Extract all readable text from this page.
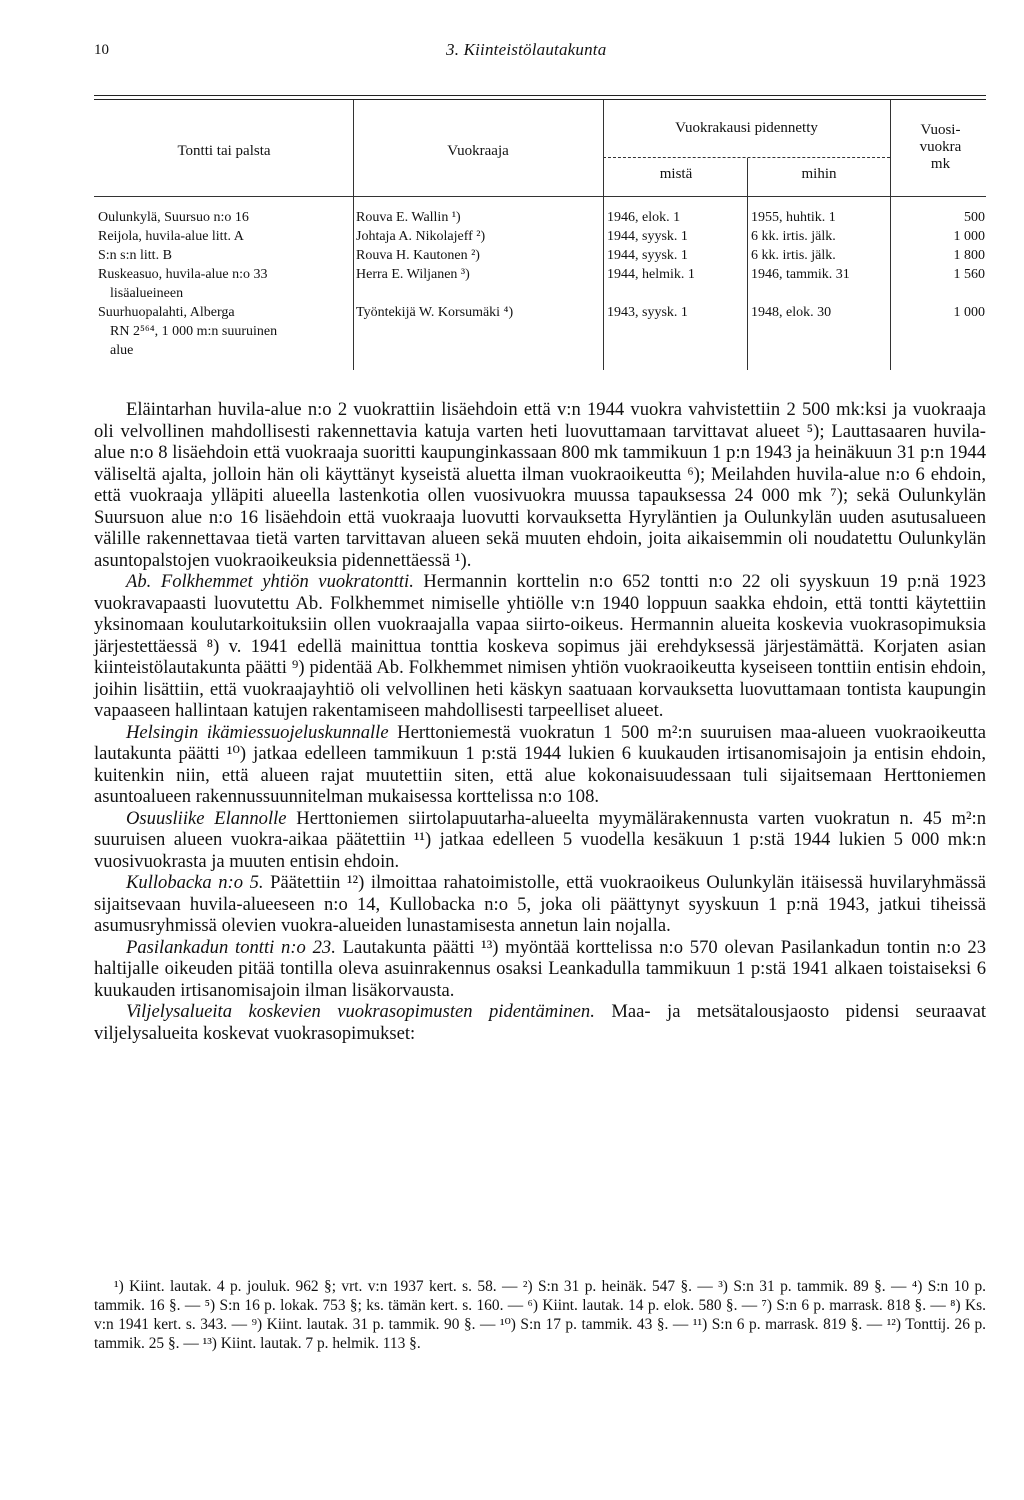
10	3. Kiinteistölautakunta
Tontti tai palsta	Vuokraaja
Vuokrakausi pidennetty
mistä	mihin
Vuosi-
vuokra
mk
Oulunkylä, Suursuo n:o 16	Rouva E. Wallin ¹)	1946, elok. 1	1955, huhtik. 1	500
Reijola, huvila-alue litt. A	Johtaja A. Nikolajeff ²)	1944, syysk. 1	6 kk. irtis. jälk.	1 000
S:n s:n litt. B	Rouva H. Kautonen ²)	1944, syysk. 1	6 kk. irtis. jälk.	1 800
Ruskeasuo, huvila-alue n:o 33
lisäalueineen
Herra E. Wiljanen ³)	1944, helmik. 1	1946, tammik. 31	1 560
Suurhuopalahti, Alberga
RN 2⁵⁶⁴, 1 000 m:n suuruinen
alue
Työntekijä W. Korsumäki ⁴)	1943, syysk. 1	1948, elok. 30	1 000

Eläintarhan huvila-alue n:o 2 vuokrattiin lisäehdoin että v:n 1944 vuokra vahvistettiin 2 500 mk:ksi ja vuokraaja oli velvollinen mahdollisesti rakennettavia katuja varten heti luovuttamaan tarvittavat alueet ⁵); Lauttasaaren huvila-alue n:o 8 lisäehdoin että vuokraaja suoritti kaupunginkassaan 800 mk tammikuun 1 p:n 1943 ja heinäkuun 31 p:n 1944 väliseltä ajalta, jolloin hän oli käyttänyt kyseistä aluetta ilman vuokraoikeutta ⁶); Meilahden huvila-alue n:o 6 ehdoin, että vuokraaja ylläpiti alueella lastenkotia ollen vuosivuokra muussa tapauksessa 24 000 mk ⁷); sekä Oulunkylän Suursuon alue n:o 16 lisäehdoin että vuokraaja luovutti korvauksetta Hyryläntien ja Oulunkylän uuden asutusalueen välille rakennettavaa tietä varten tarvittavan alueen sekä muuten ehdoin, joita aikaisemmin oli noudatettu Oulunkylän asuntopalstojen vuokraoikeuksia pidennettäessä ¹).

Ab. Folkhemmet yhtiön vuokratontti. Hermannin korttelin n:o 652 tontti n:o 22 oli syyskuun 19 p:nä 1923 vuokravapaasti luovutettu Ab. Folkhemmet nimiselle yhtiölle v:n 1940 loppuun saakka ehdoin, että tontti käytettiin yksinomaan koulutarkoituksiin ollen vuokraajalla vapaa siirto-oikeus. Hermannin alueita koskevia vuokrasopimuksia järjestettäessä ⁸) v. 1941 edellä mainittua tonttia koskeva sopimus jäi erehdyksessä järjestämättä. Korjaten asian kiinteistölautakunta päätti ⁹) pidentää Ab. Folkhemmet nimisen yhtiön vuokraoikeutta kyseiseen tonttiin entisin ehdoin, joihin lisättiin, että vuokraajayhtiö oli velvollinen heti käskyn saatuaan korvauksetta luovuttamaan tontista kaupungin vapaaseen hallintaan katujen rakentamiseen mahdollisesti tarpeelliset alueet.

Helsingin ikämiessuojeluskunnalle Herttoniemestä vuokratun 1 500 m²:n suuruisen maa-alueen vuokraoikeutta lautakunta päätti ¹⁰) jatkaa edelleen tammikuun 1 p:stä 1944 lukien 6 kuukauden irtisanomisajoin ja entisin ehdoin, kuitenkin niin, että alueen rajat muutettiin siten, että alue kokonaisuudessaan tuli sijaitsemaan Herttoniemen asuntoalueen rakennussuunnitelman mukaisessa korttelissa n:o 108.

Osuusliike Elannolle Herttoniemen siirtolapuutarha-alueelta myymälärakennusta varten vuokratun n. 45 m²:n suuruisen alueen vuokra-aikaa päätettiin ¹¹) jatkaa edelleen 5 vuodella kesäkuun 1 p:stä 1944 lukien 5 000 mk:n vuosivuokrasta ja muuten entisin ehdoin.

Kullobacka n:o 5. Päätettiin ¹²) ilmoittaa rahatoimistolle, että vuokraoikeus Oulunkylän itäisessä huvilaryhmässä sijaitsevaan huvila-alueeseen n:o 14, Kullobacka n:o 5, joka oli päättynyt syyskuun 1 p:nä 1943, jatkui tiheissä asumusryhmissä olevien vuokra-alueiden lunastamisesta annetun lain nojalla.

Pasilankadun tontti n:o 23. Lautakunta päätti ¹³) myöntää korttelissa n:o 570 olevan Pasilankadun tontin n:o 23 haltijalle oikeuden pitää tontilla oleva asuinrakennus osaksi Leankadulla tammikuun 1 p:stä 1941 alkaen toistaiseksi 6 kuukauden irtisanomisajoin ilman lisäkorvausta.

Viljelysalueita koskevien vuokrasopimusten pidentäminen. Maa- ja metsätalousjaosto pidensi seuraavat viljelysalueita koskevat vuokrasopimukset:

¹) Kiint. lautak. 4 p. jouluk. 962 §; vrt. v:n 1937 kert. s. 58. — ²) S:n 31 p. heinäk. 547 §. — ³) S:n 31 p. tammik. 89 §. — ⁴) S:n 10 p. tammik. 16 §. — ⁵) S:n 16 p. lokak. 753 §; ks. tämän kert. s. 160. — ⁶) Kiint. lautak. 14 p. elok. 580 §. — ⁷) S:n 6 p. marrask. 818 §. — ⁸) Ks. v:n 1941 kert. s. 343. — ⁹) Kiint. lautak. 31 p. tammik. 90 §. — ¹⁰) S:n 17 p. tammik. 43 §. — ¹¹) S:n 6 p. marrask. 819 §. — ¹²) Tonttij. 26 p. tammik. 25 §. — ¹³) Kiint. lautak. 7 p. helmik. 113 §.
